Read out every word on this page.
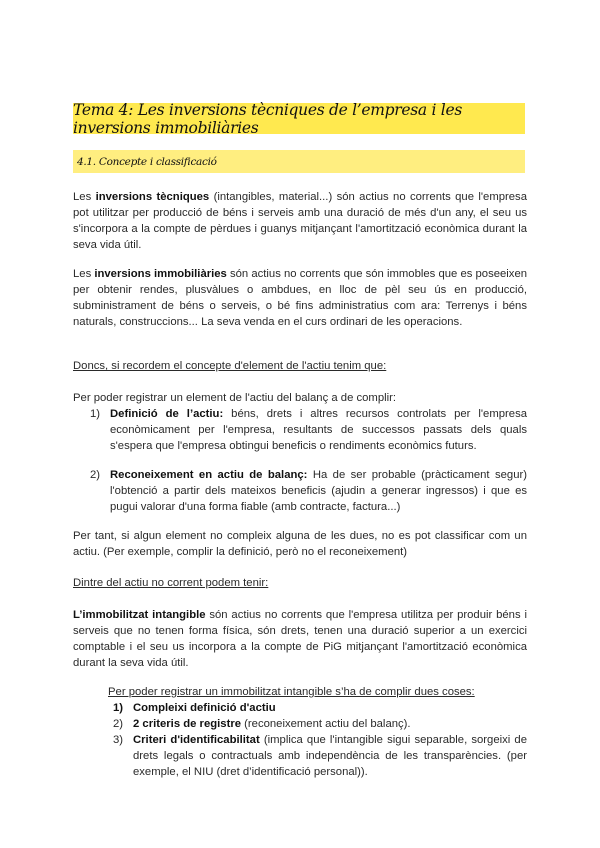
Tema 4: Les inversions tècniques de l’empresa i les inversions immobiliàries
4.1. Concepte i classificació
Les inversions tècniques (intangibles, material...) són actius no corrents que l'empresa pot utilitzar per producció de béns i serveis amb una duració de més d'un any, el seu us s'incorpora a la compte de pèrdues i guanys mitjançant l'amortització econòmica durant la seva vida útil.
Les inversions immobiliàries són actius no corrents que són immobles que es poseeixen per obtenir rendes, plusvàlues o ambdues, en lloc de pèl seu ús en producció, subministrament de béns o serveis, o bé fins administratius com ara: Terrenys i béns naturals, construccions... La seva venda en el curs ordinari de les operacions.
Doncs, si recordem el concepte d'element de l'actiu tenim que:
Per poder registrar un element de l'actiu del balanç a de complir:
1) Definició de l’actiu: béns, drets i altres recursos controlats per l'empresa econòmicament per l'empresa, resultants de successos passats dels quals s'espera que l'empresa obtingui beneficis o rendiments econòmics futurs.
2) Reconeixement en actiu de balanç: Ha de ser probable (pràcticament segur) l'obtenció a partir dels mateixos beneficis (ajudin a generar ingressos) i que es pugui valorar d'una forma fiable (amb contracte, factura...)
Per tant, si algun element no compleix alguna de les dues, no es pot classificar com un actiu. (Per exemple, complir la definició, però no el reconeixement)
Dintre del actiu no corrent podem tenir:
L’immobilitzat intangible són actius no corrents que l'empresa utilitza per produir béns i serveis que no tenen forma física, són drets, tenen una duració superior a un exercici comptable i el seu us incorpora a la compte de PiG mitjançant l'amortització econòmica durant la seva vida útil.
Per poder registrar un immobilitzat intangible s’ha de complir dues coses:
1) Compleixi definició d'actiu
2) 2 criteris de registre (reconeixement actiu del balanç).
3) Criteri d'identificabilitat (implica que l'intangible sigui separable, sorgeixi de drets legals o contractuals amb independència de les transparències. (per exemple, el NIU (dret d’identificació personal)).
